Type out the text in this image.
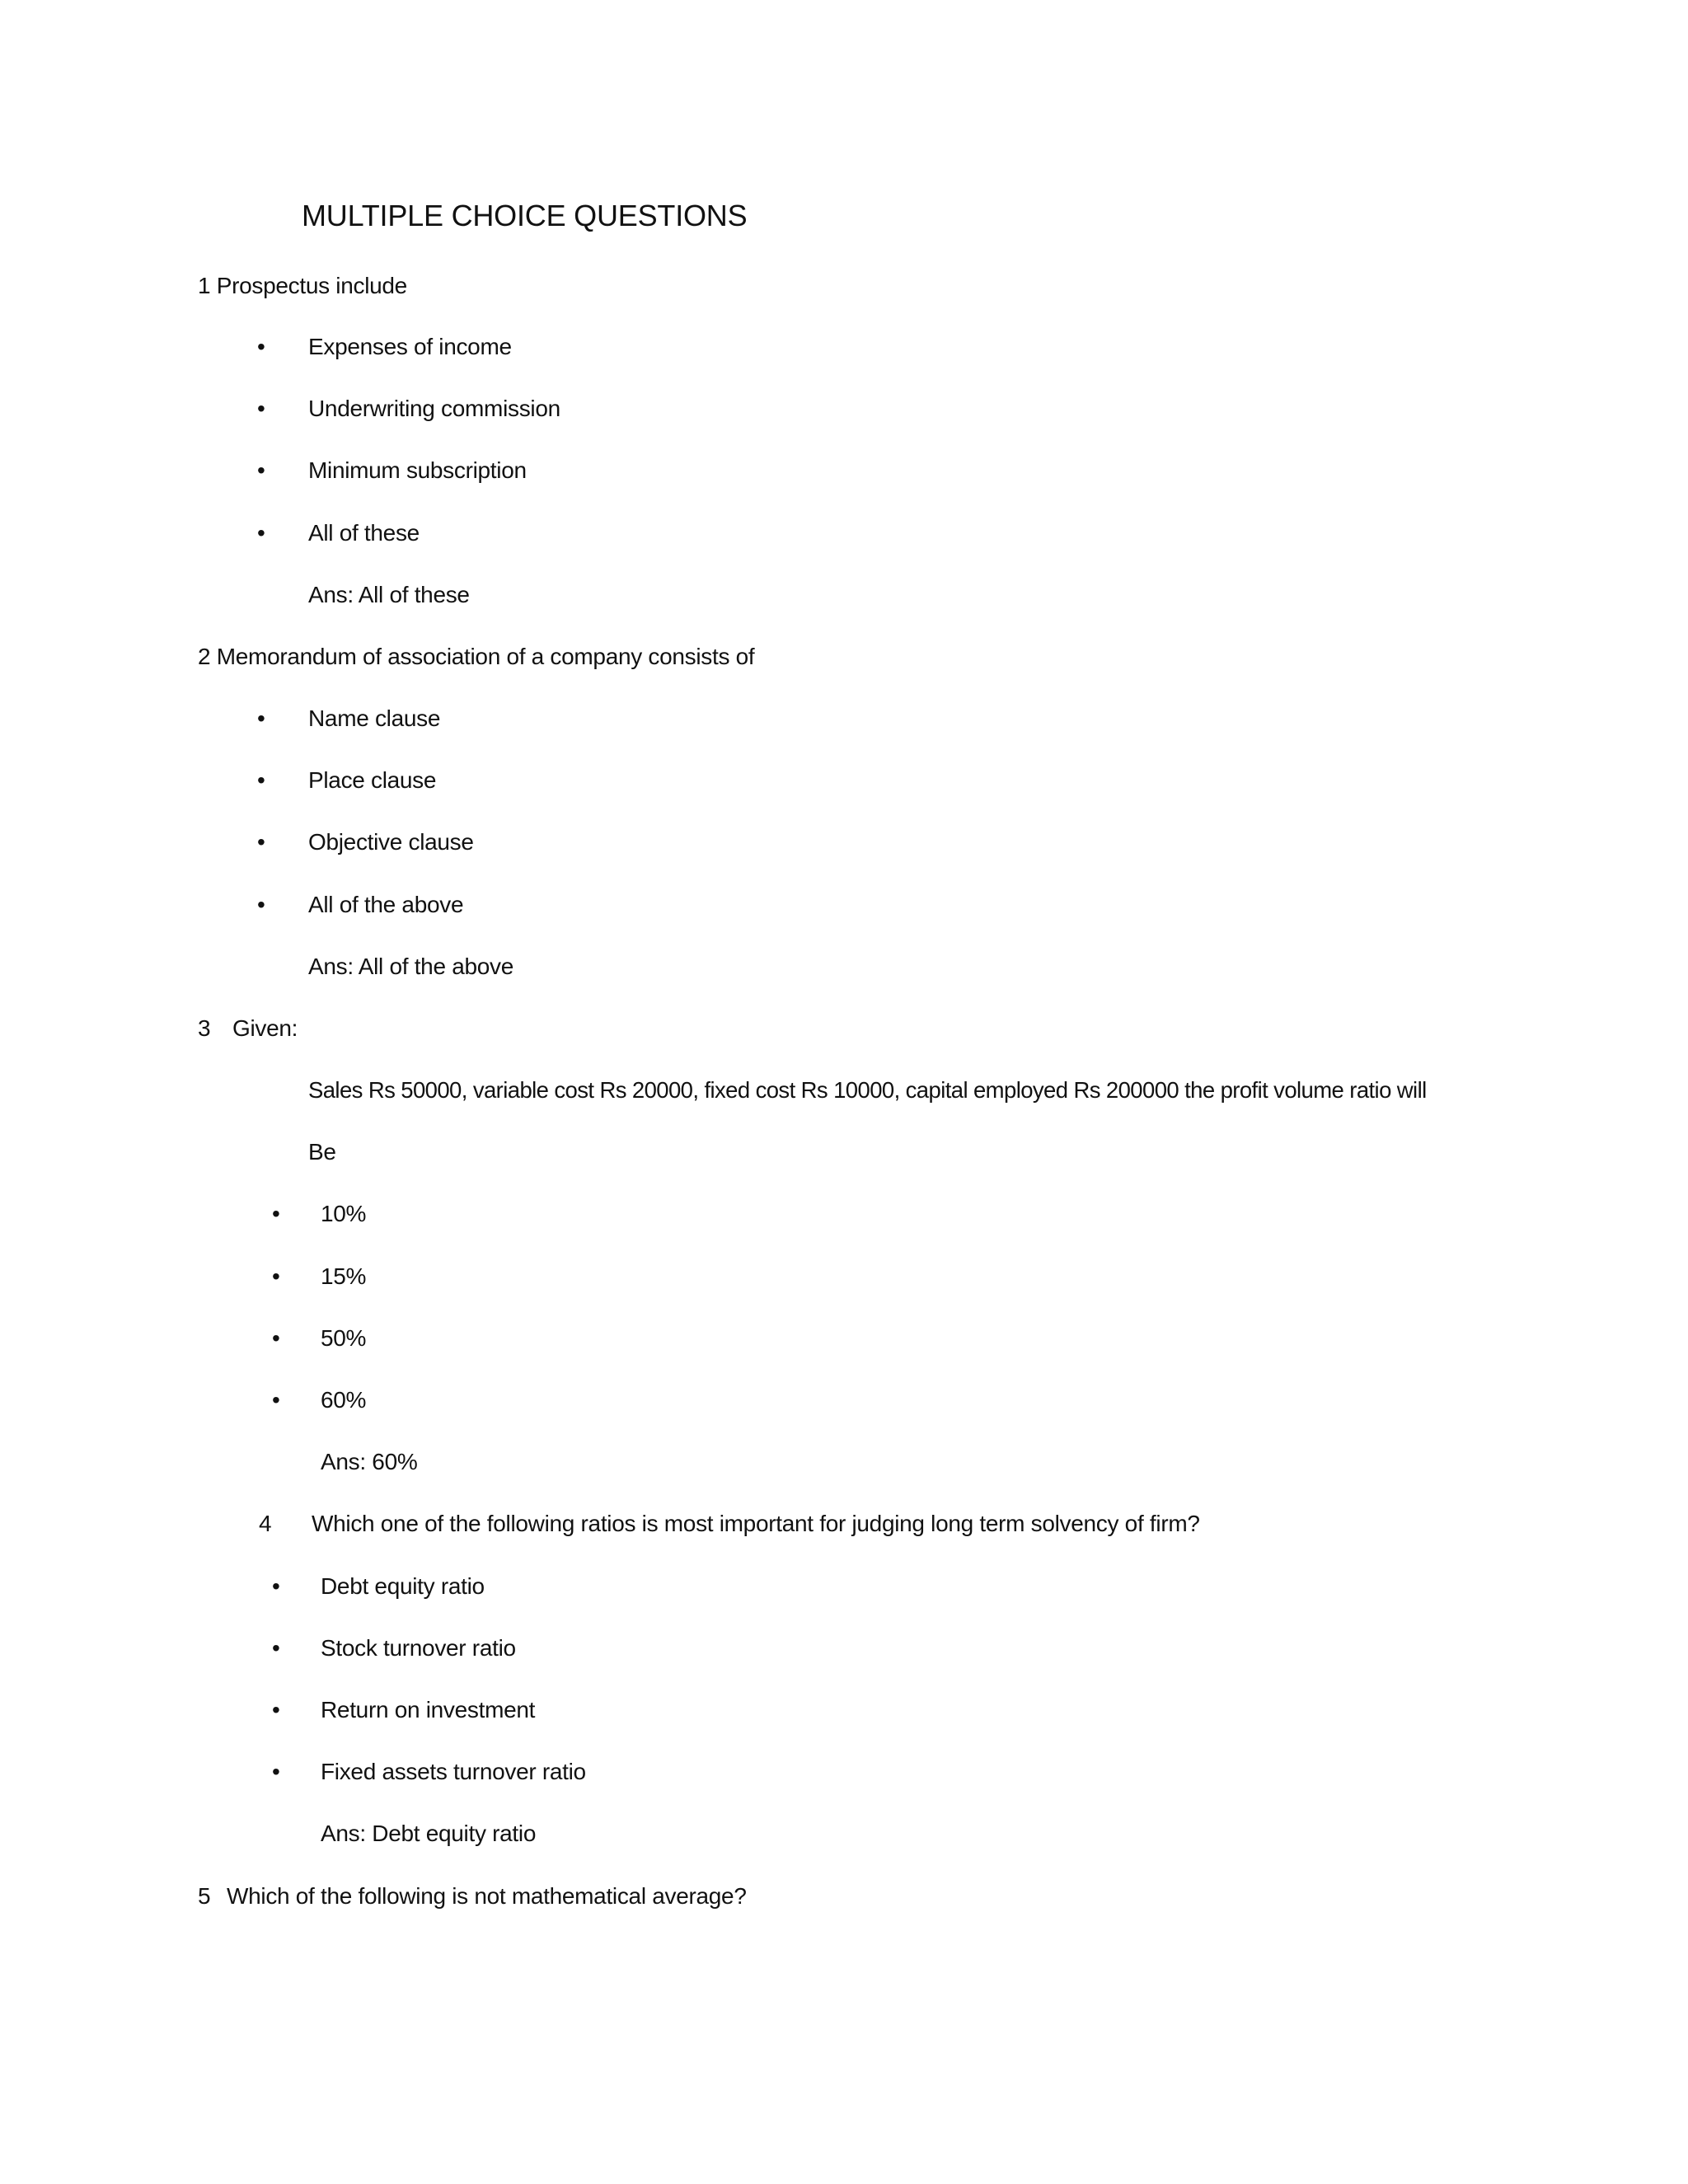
MULTIPLE CHOICE QUESTIONS
1 Prospectus include
• Expenses of income
• Underwriting commission
• Minimum subscription
• All of these
Ans: All of these
2 Memorandum of association of a company consists of
• Name clause
• Place clause
• Objective clause
• All of the above
Ans: All of the above
3 Given:
Sales Rs 50000, variable cost Rs 20000, fixed cost Rs 10000, capital employed Rs 200000 the profit volume ratio will
Be
• 10%
• 15%
• 50%
• 60%
Ans: 60%
4 Which one of the following ratios is most important for judging long term solvency of firm?
• Debt equity ratio
• Stock turnover ratio
• Return on investment
• Fixed assets turnover ratio
Ans: Debt equity ratio
5 Which of the following is not mathematical average?
